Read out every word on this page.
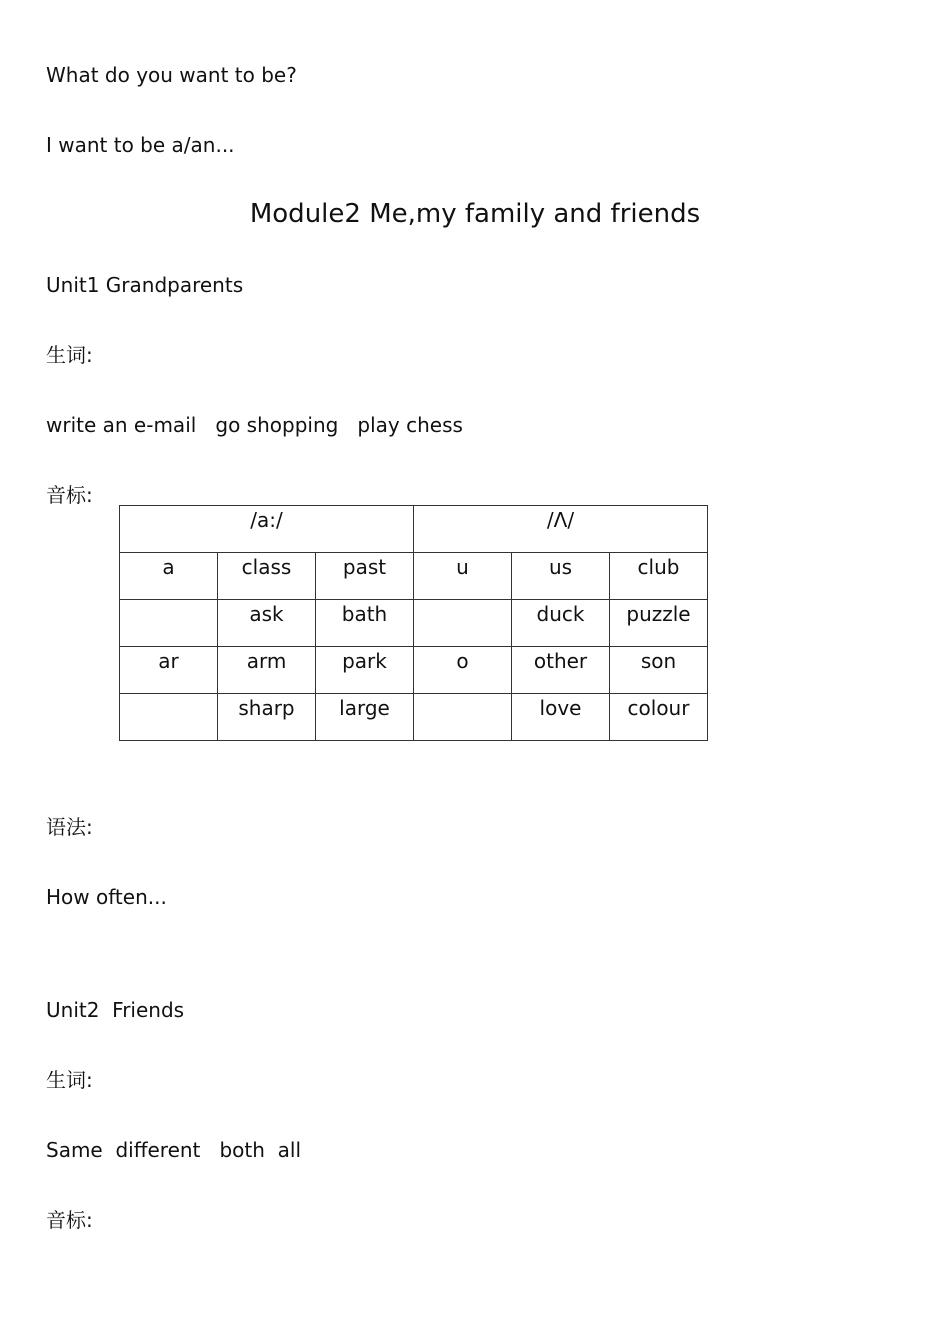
What do you want to be?
I want to be a/an...
Module2 Me,my family and friends
Unit1 Grandparents
生词:
write an e-mail   go shopping   play chess
音标:
/a:/			/Λ/		
a	class	past	u	us	club
	ask	bath		duck	puzzle
ar	arm	park	o	other	son
	sharp	large		love	colour
语法:
How often...
Unit2  Friends
生词:
Same  different   both  all
音标:
